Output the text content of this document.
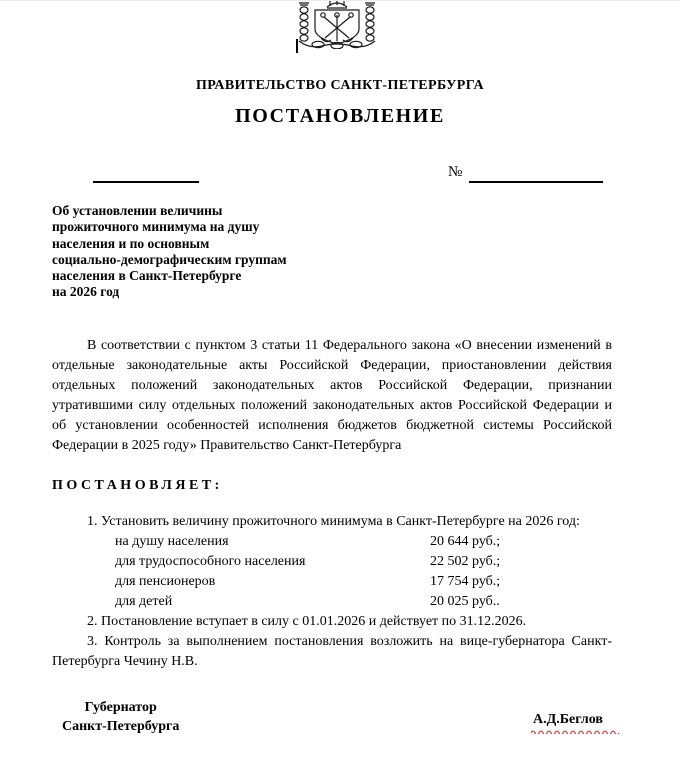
ПРАВИТЕЛЬСТВО САНКТ-ПЕТЕРБУРГА
ПОСТАНОВЛЕНИЕ
№
Об установлении величины
прожиточного минимума на душу
населения и по основным
социально-демографическим группам
населения в Санкт-Петербурге
на 2026 год

В соответствии с пунктом 3 статьи 11 Федерального закона «О внесении изменений в отдельные законодательные акты Российской Федерации, приостановлении действия отдельных положений законодательных актов Российской Федерации, признании утратившими силу отдельных положений законодательных актов Российской Федерации и об установлении особенностей исполнения бюджетов бюджетной системы Российской Федерации в 2025 году» Правительство Санкт-Петербурга

ПОСТАНОВЛЯЕТ:

1. Установить величину прожиточного минимума в Санкт-Петербурге на 2026 год:

на душу населения	20 644 руб.;
для трудоспособного населения	22 502 руб.;
для пенсионеров	17 754 руб.;
для детей	20 025 руб..

2. Постановление вступает в силу с 01.01.2026 и действует по 31.12.2026.

3. Контроль за выполнением постановления возложить на вице-губернатора Санкт-Петербурга Чечину Н.В.

Губернатор
Санкт-Петербурга	А.Д.Беглов
